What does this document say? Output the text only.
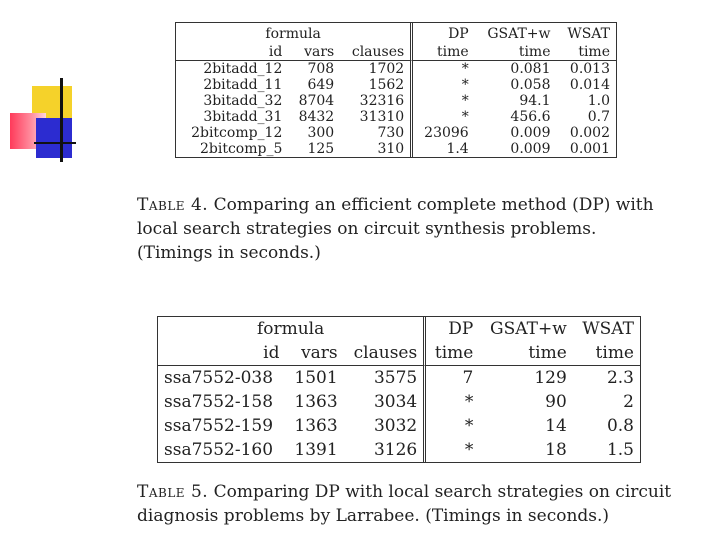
formula				DP	GSAT+w	WSAT
id	vars	clauses		time	time	time
2bitadd_12	708	1702		*	0.081	0.013
2bitadd_11	649	1562		*	0.058	0.014
3bitadd_32	8704	32316		*	94.1	1.0
3bitadd_31	8432	31310		*	456.6	0.7
2bitcomp_12	300	730		23096	0.009	0.002
2bitcomp_5	125	310		1.4	0.009	0.001
Table 4. Comparing an efficient complete method (DP) with local search strategies on circuit synthesis problems. (Timings in seconds.)
formula				DP	GSAT+w	WSAT
id	vars	clauses		time	time	time
ssa7552-038	1501	3575		7	129	2.3
ssa7552-158	1363	3034		*	90	2
ssa7552-159	1363	3032		*	14	0.8
ssa7552-160	1391	3126		*	18	1.5
Table 5. Comparing DP with local search strategies on circuit diagnosis problems by Larrabee. (Timings in seconds.)
